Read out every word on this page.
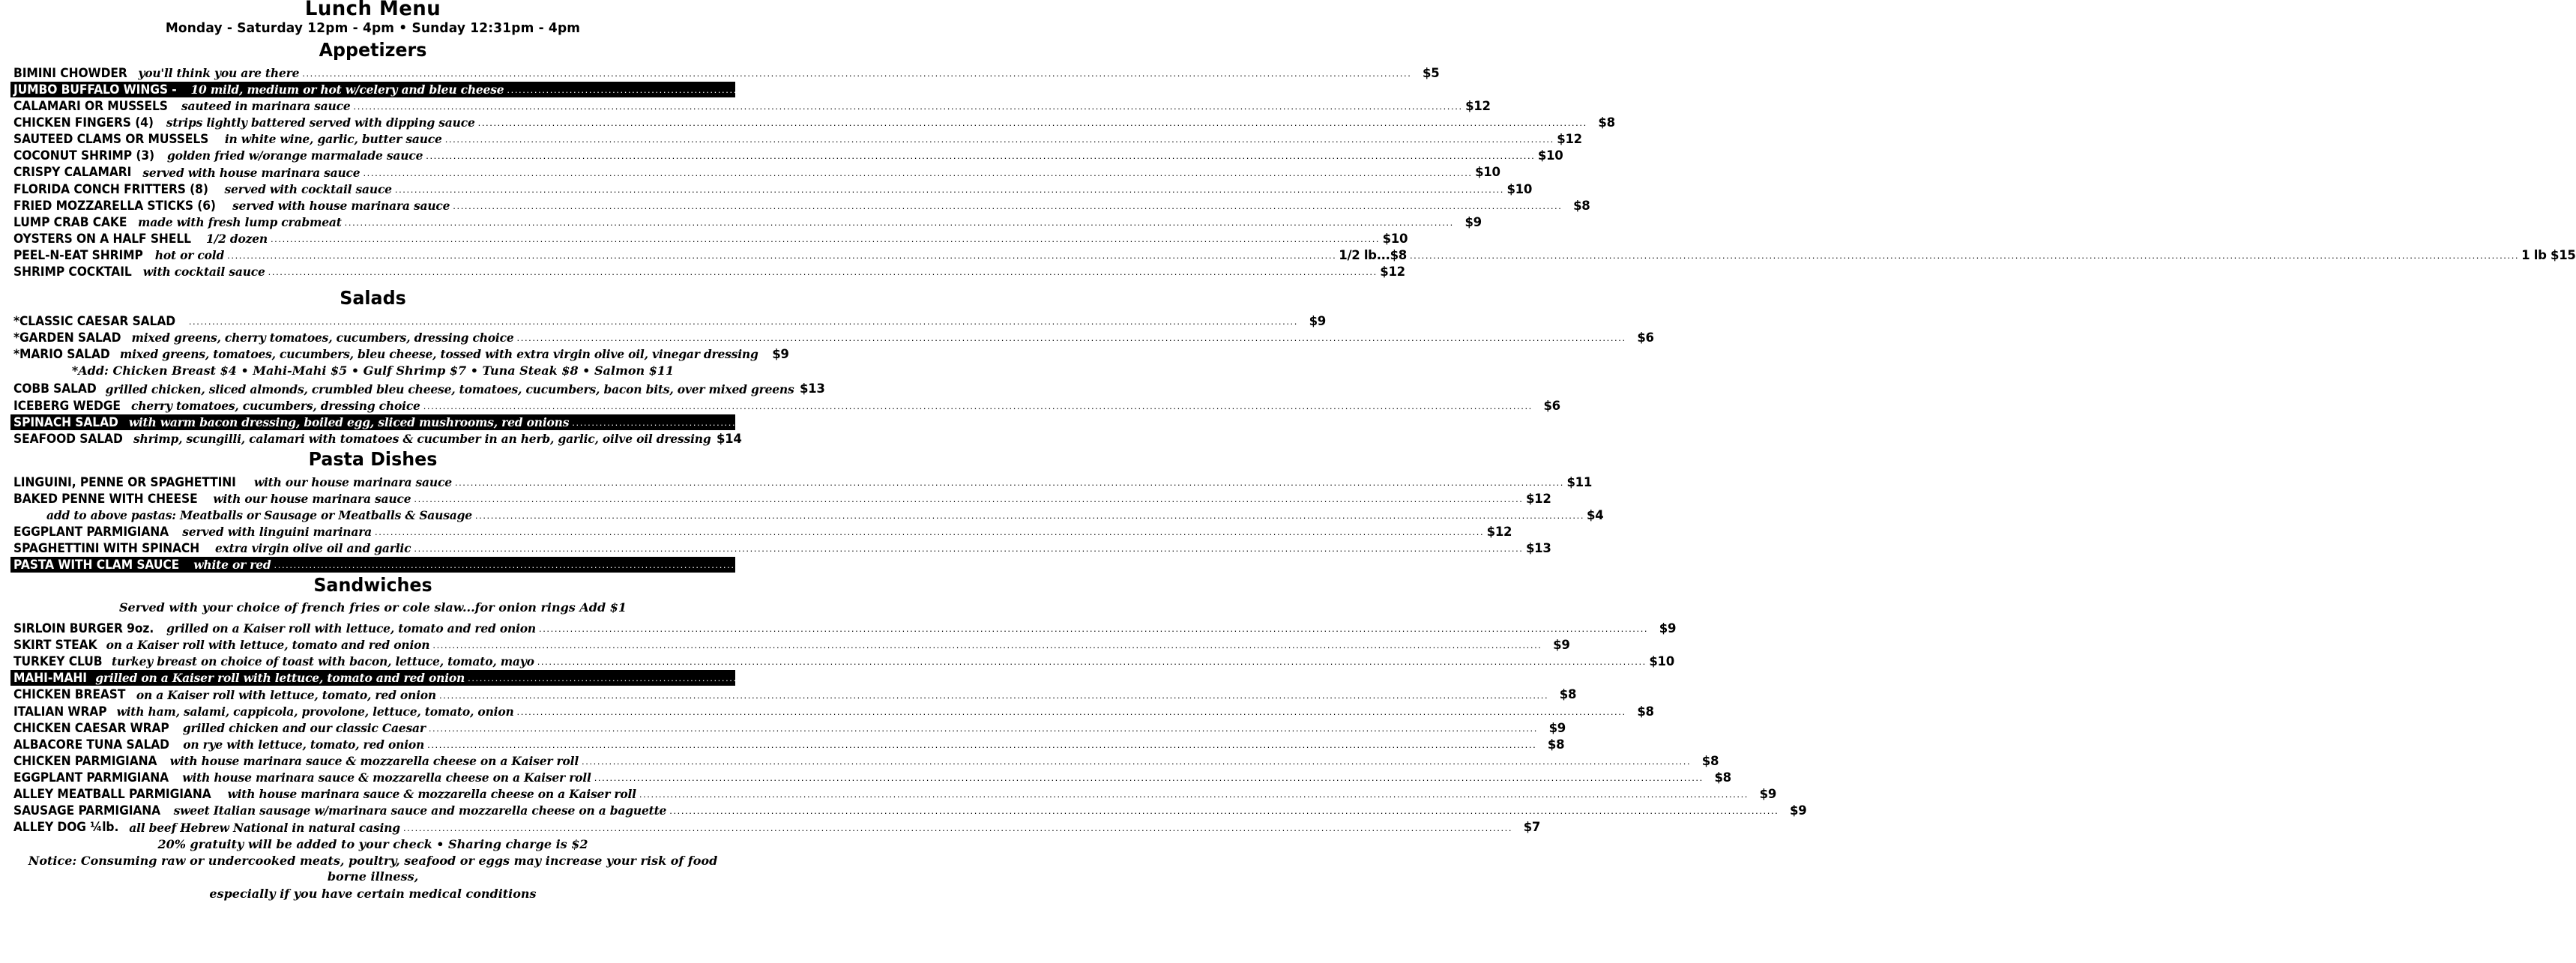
Lunch Menu
Monday - Saturday 12pm - 4pm • Sunday 12:31pm - 4pm
Appetizers
BIMINI CHOWDER you'll think you are there .....	$5
JUMBO BUFFALO WINGS -	10 mild, medium or hot w/celery and bleu cheese .....	$11
CALAMARI OR MUSSELS	sauteed in marinara sauce .....	$12
CHICKEN FINGERS (4)	strips lightly battered served with dipping sauce .....	$8
SAUTEED CLAMS OR MUSSELS	in white wine, garlic, butter sauce .....	$12
COCONUT SHRIMP (3)	golden fried w/orange marmalade sauce .....	$10
CRISPY CALAMARI served with house marinara sauce .....	$10
FLORIDA CONCH FRITTERS (8)	served with cocktail sauce .....	$10
FRIED MOZZARELLA STICKS (6)	served with house marinara sauce .....	$8
LUMP CRAB CAKE made with fresh lump crabmeat .....	$9
OYSTERS ON A HALF SHELL	1/2 dozen .....	$10
PEEL-N-EAT SHRIMP	hot or cold .....	1/2 lb...$8 .....	1 lb $15
SHRIMP COCKTAIL with cocktail sauce .....	$12
Salads
*CLASSIC CAESAR SALAD .....	$9
*GARDEN SALAD mixed greens, cherry tomatoes, cucumbers, dressing choice .....	$6
*MARIO SALAD mixed greens, tomatoes, cucumbers, bleu cheese, tossed with extra virgin olive oil, vinegar dressing	$9
*Add: Chicken Breast $4 • Mahi-Mahi $5 • Gulf Shrimp $7 • Tuna Steak $8 • Salmon $11
COBB SALAD grilled chicken, sliced almonds, crumbled bleu cheese, tomatoes, cucumbers, bacon bits, over mixed greens $13
ICEBERG WEDGE cherry tomatoes, cucumbers, dressing choice .....	$6
SPINACH SALAD with warm bacon dressing, boiled egg, sliced mushrooms, red onions .....	$9
SEAFOOD SALAD shrimp, scungilli, calamari with tomatoes & cucumber in an herb, garlic, oilve oil dressing $14
Pasta Dishes
LINGUINI, PENNE OR SPAGHETTINI	with our house marinara sauce .....	$11
BAKED PENNE WITH CHEESE	with our house marinara sauce .....	$12
add to above pastas: Meatballs or Sausage or Meatballs & Sausage .....	$4
EGGPLANT PARMIGIANA	served with linguini marinara .....	$12
SPAGHETTINI WITH SPINACH	extra virgin olive oil and garlic .....	$13
PASTA WITH CLAM SAUCE	white or red .....	$15
Sandwiches
Served with your choice of french fries or cole slaw...for onion rings Add $1
SIRLOIN BURGER 9oz.	grilled on a Kaiser roll with lettuce, tomato and red onion .....	$9
SKIRT STEAK on a Kaiser roll with lettuce, tomato and red onion .....	$9
TURKEY CLUB turkey breast on choice of toast with bacon, lettuce, tomato, mayo .....	$10
MAHI-MAHI grilled on a Kaiser roll with lettuce, tomato and red onion .....	$11
CHICKEN BREAST on a Kaiser roll with lettuce, tomato, red onion .....	$8
ITALIAN WRAP with ham, salami, cappicola, provolone, lettuce, tomato, onion .....	$8
CHICKEN CAESAR WRAP	grilled chicken and our classic Caesar .....	$9
ALBACORE TUNA SALAD	on rye with lettuce, tomato, red onion .....	$8
CHICKEN PARMIGIANA	with house marinara sauce & mozzarella cheese on a Kaiser roll .....	$8
EGGPLANT PARMIGIANA	with house marinara sauce & mozzarella cheese on a Kaiser roll .....	$8
ALLEY MEATBALL PARMIGIANA	with house marinara sauce & mozzarella cheese on a Kaiser roll .....	$9
SAUSAGE PARMIGIANA	sweet Italian sausage w/marinara sauce and mozzarella cheese on a baguette .....	$9
ALLEY DOG ¼lb. all beef Hebrew National in natural casing .....	$7
20% gratuity will be added to your check • Sharing charge is $2
Notice: Consuming raw or undercooked meats, poultry, seafood or eggs may increase your risk of food borne illness,
especially if you have certain medical conditions
